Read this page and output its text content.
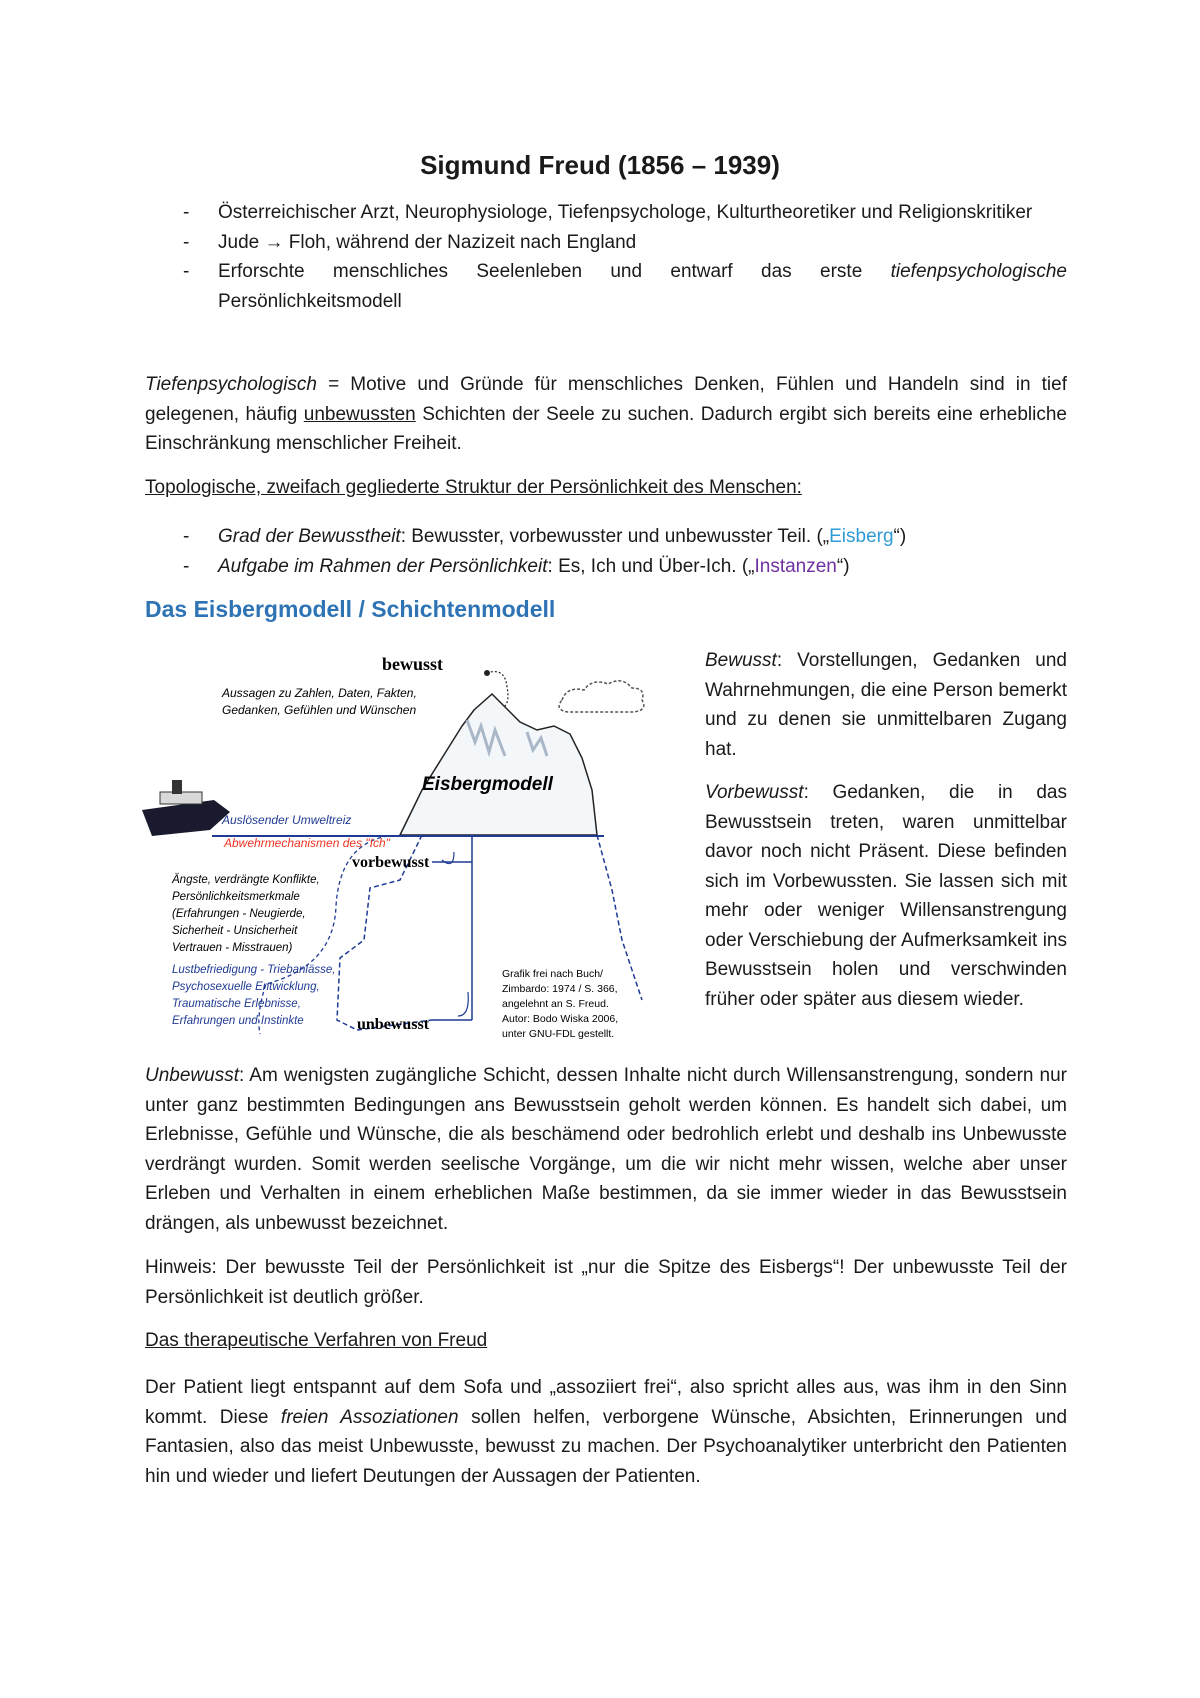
Sigmund Freud (1856 – 1939)
- Österreichischer Arzt, Neurophysiologe, Tiefenpsychologe, Kulturtheoretiker und Religionskritiker
- Jude → Floh, während der Nazizeit nach England
- Erforschte menschliches Seelenleben und entwarf das erste tiefenpsychologische
Persönlichkeitsmodell
Tiefenpsychologisch = Motive und Gründe für menschliches Denken, Fühlen und Handeln sind in tief gelegenen, häufig unbewussten Schichten der Seele zu suchen. Dadurch ergibt sich bereits eine erhebliche Einschränkung menschlicher Freiheit.
Topologische, zweifach gegliederte Struktur der Persönlichkeit des Menschen:
- Grad der Bewusstheit: Bewusster, vorbewusster und unbewusster Teil. („Eisberg“)
- Aufgabe im Rahmen der Persönlichkeit: Es, Ich und Über-Ich. („Instanzen“)
Das Eisbergmodell / Schichtenmodell
bewusst
Aussagen zu Zahlen, Daten, Fakten,
Gedanken, Gefühlen und Wünschen
Eisbergmodell
Auslösender Umweltreiz
Abwehrmechanismen des "Ich"
vorbewusst
Ängste, verdrängte Konflikte,
Persönlichkeitsmerkmale
(Erfahrungen - Neugierde,
Sicherheit - Unsicherheit
Vertrauen - Misstrauen)
Lustbefriedigung - Triebanlässe,
Psychosexuelle Entwicklung,
Traumatische Erlebnisse,
Erfahrungen und Instinkte	unbewusst
Grafik frei nach Buch/
Zimbardo: 1974 / S. 366,
angelehnt an S. Freud.
Autor: Bodo Wiska 2006,
unter GNU-FDL gestellt.

Bewusst: Vorstellungen, Gedanken und Wahrnehmungen, die eine Person bemerkt und zu denen sie unmittelbaren Zugang hat.

Vorbewusst: Gedanken, die in das Bewusstsein treten, waren unmittelbar davor noch nicht Präsent. Diese befinden sich im Vorbewussten. Sie lassen sich mit mehr oder weniger Willensanstrengung oder Verschiebung der Aufmerksamkeit ins Bewusstsein holen und verschwinden früher oder später aus diesem wieder.

Unbewusst: Am wenigsten zugängliche Schicht, dessen Inhalte nicht durch Willensanstrengung, sondern nur unter ganz bestimmten Bedingungen ans Bewusstsein geholt werden können. Es handelt sich dabei, um Erlebnisse, Gefühle und Wünsche, die als beschämend oder bedrohlich erlebt und deshalb ins Unbewusste verdrängt wurden. Somit werden seelische Vorgänge, um die wir nicht mehr wissen, welche aber unser Erleben und Verhalten in einem erheblichen Maße bestimmen, da sie immer wieder in das Bewusstsein drängen, als unbewusst bezeichnet.
Hinweis: Der bewusste Teil der Persönlichkeit ist „nur die Spitze des Eisbergs“! Der unbewusste Teil der Persönlichkeit ist deutlich größer.
Das therapeutische Verfahren von Freud
Der Patient liegt entspannt auf dem Sofa und „assoziiert frei“, also spricht alles aus, was ihm in den Sinn kommt. Diese freien Assoziationen sollen helfen, verborgene Wünsche, Absichten, Erinnerungen und Fantasien, also das meist Unbewusste, bewusst zu machen. Der Psychoanalytiker unterbricht den Patienten hin und wieder und liefert Deutungen der Aussagen der Patienten.
